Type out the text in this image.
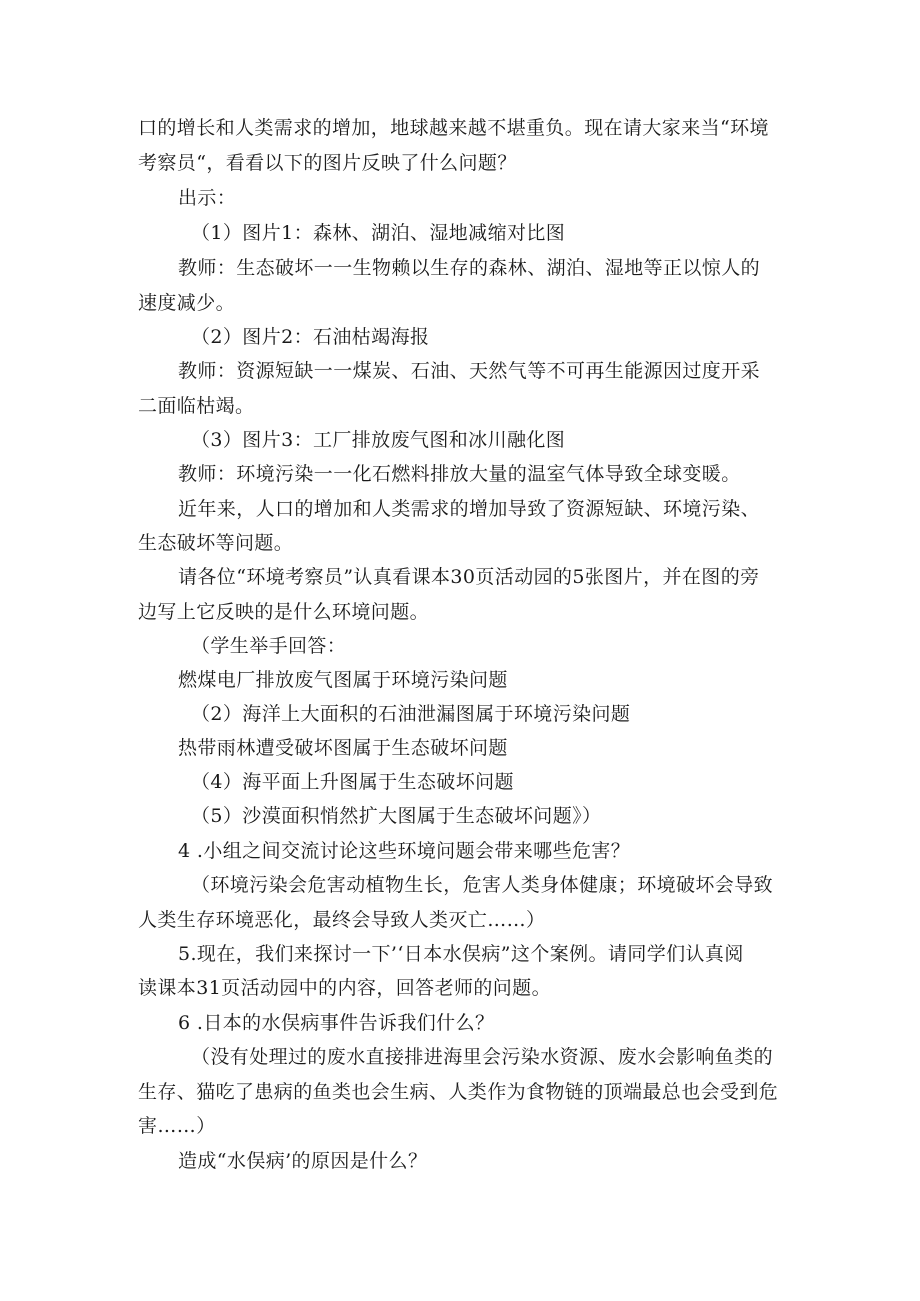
口的增长和人类需求的增加，地球越来越不堪重负。现在请大家来当“环境
考察员“，看看以下的图片反映了什么问题？
出示：
（1）图片1：森林、湖泊、湿地减缩对比图
教师：生态破坏一一生物赖以生存的森林、湖泊、湿地等正以惊人的
速度减少。
（2）图片2：石油枯竭海报
教师：资源短缺一一煤炭、石油、天然气等不可再生能源因过度开采
二面临枯竭。
（3）图片3：工厂排放废气图和冰川融化图
教师：环境污染一一化石燃料排放大量的温室气体导致全球变暖。
近年来，人口的增加和人类需求的增加导致了资源短缺、环境污染、
生态破坏等问题。
请各位“环境考察员”认真看课本30页活动园的5张图片，并在图的旁
边写上它反映的是什么环境问题。
（学生举手回答：
燃煤电厂排放废气图属于环境污染问题
（2）海洋上大面积的石油泄漏图属于环境污染问题
热带雨林遭受破坏图属于生态破坏问题
（4）海平面上升图属于生态破坏问题
（5）沙漠面积悄然扩大图属于生态破坏问题》）
4 .小组之间交流讨论这些环境问题会带来哪些危害？
（环境污染会危害动植物生长，危害人类身体健康；环境破坏会导致
人类生存环境恶化，最终会导致人类灭亡……）
5.现在，我们来探讨一下’‘日本水俣病”这个案例。请同学们认真阅
读课本31页活动园中的内容，回答老师的问题。
6 .日本的水俣病事件告诉我们什么？
（没有处理过的废水直接排进海里会污染水资源、废水会影响鱼类的
生存、猫吃了患病的鱼类也会生病、人类作为食物链的顶端最总也会受到危
害……）
造成“水俣病’的原因是什么？
